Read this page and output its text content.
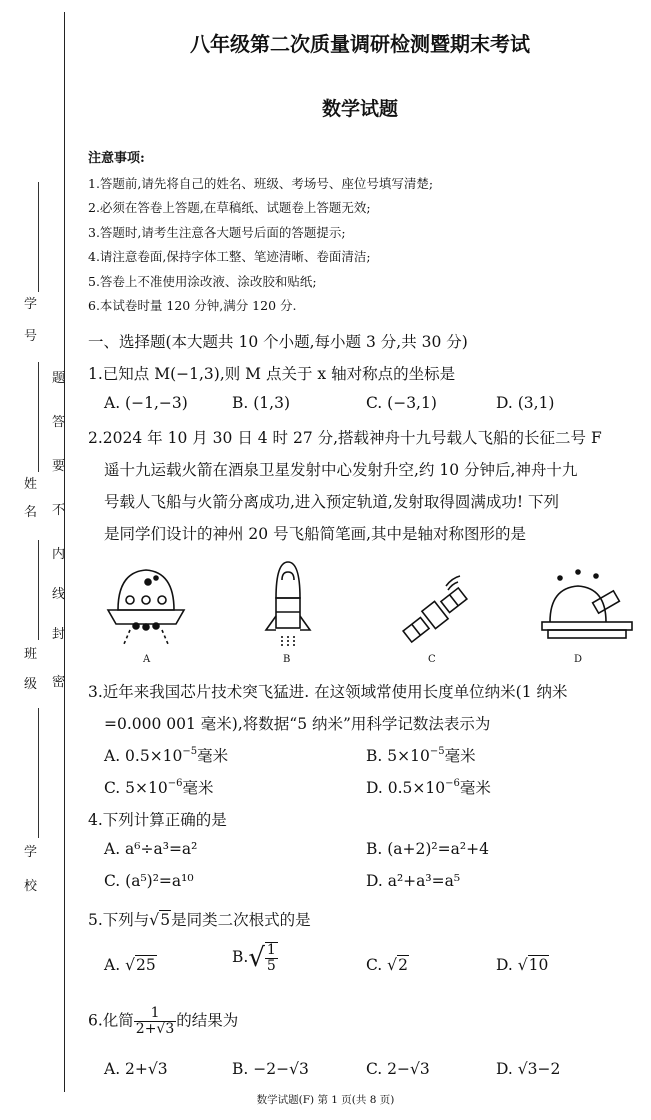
学
号
姓
名
班
级
学
校
密
封
线
内
不
要
答
题
八年级第二次质量调研检测暨期末考试
数学试题
注意事项:
1.答题前,请先将自己的姓名、班级、考场号、座位号填写清楚;
2.必须在答卷上答题,在草稿纸、试题卷上答题无效;
3.答题时,请考生注意各大题号后面的答题提示;
4.请注意卷面,保持字体工整、笔迹清晰、卷面清洁;
5.答卷上不准使用涂改液、涂改胶和贴纸;
6.本试卷时量 120 分钟,满分 120 分.
一、选择题(本大题共 10 个小题,每小题 3 分,共 30 分)
1.已知点 M(−1,3),则 M 点关于 x 轴对称点的坐标是
A. (−1,−3)	B. (1,3)	C. (−3,1)	D. (3,1)
2.2024 年 10 月 30 日 4 时 27 分,搭载神舟十九号载人飞船的长征二号 F
遥十九运载火箭在酒泉卫星发射中心发射升空,约 10 分钟后,神舟十九
号载人飞船与火箭分离成功,进入预定轨道,发射取得圆满成功! 下列
是同学们设计的神州 20 号飞船简笔画,其中是轴对称图形的是
A	B	C	D
3.近年来我国芯片技术突飞猛进. 在这领域常使用长度单位纳米(1 纳米
=0.000 001 毫米),将数据“5 纳米”用科学记数法表示为
A. $0.5\times 10^{-5}$毫米	B. $5\times 10^{-5}$毫米
C. $5\times 10^{-6}$毫米	D. $0.5\times 10^{-6}$毫米
4.下列计算正确的是
A. a⁶÷a³=a²	B. (a+2)²=a²+4
C. (a⁵)²=a¹⁰	D. a²+a³=a⁵
5.下列与√5是同类二次根式的是
A. √25	$B.√ \frac{1}{5}$	C. √2	D. √10
6.化简 $\frac{1}{2+√3}$ 的结果为
A. 2+√3	B. −2−√3	C. 2−√3	D. √3−2
数学试题(F) 第 1 页(共 8 页)
